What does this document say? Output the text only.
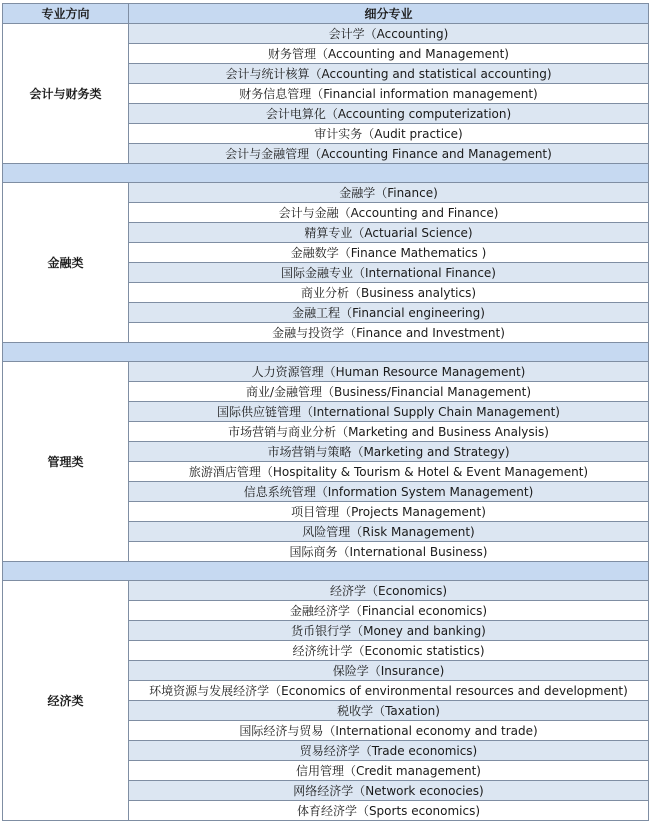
专业方向	细分专业
会计与财务类	会计学（Accounting)
	财务管理（Accounting and Management)
	会计与统计核算（Accounting and statistical accounting)
	财务信息管理（Financial information management)
	会计电算化（Accounting computerization)
	审计实务（Audit practice)
	会计与金融管理（Accounting Finance and Management)

金融类	金融学（Finance)
	会计与金融（Accounting and Finance)
	精算专业（Actuarial Science)
	金融数学（Finance Mathematics )
	国际金融专业（International Finance)
	商业分析（Business analytics)
	金融工程（Financial engineering)
	金融与投资学（Finance and Investment)

管理类	人力资源管理（Human Resource Management)
	商业/金融管理（Business/Financial Management)
	国际供应链管理（International Supply Chain Management)
	市场营销与商业分析（Marketing and Business Analysis)
	市场营销与策略（Marketing and Strategy)
	旅游酒店管理（Hospitality & Tourism & Hotel & Event Management)
	信息系统管理（Information System Management)
	项目管理（Projects Management)
	风险管理（Risk Management)
	国际商务（International Business)

经济类	经济学（Economics)
	金融经济学（Financial economics)
	货币银行学（Money and banking)
	经济统计学（Economic statistics)
	保险学（Insurance)
	环境资源与发展经济学（Economics of environmental resources and development)
	税收学（Taxation)
	国际经济与贸易（International economy and trade)
	贸易经济学（Trade economics)
	信用管理（Credit management)
	网络经济学（Network econocies)
	体育经济学（Sports economics)
